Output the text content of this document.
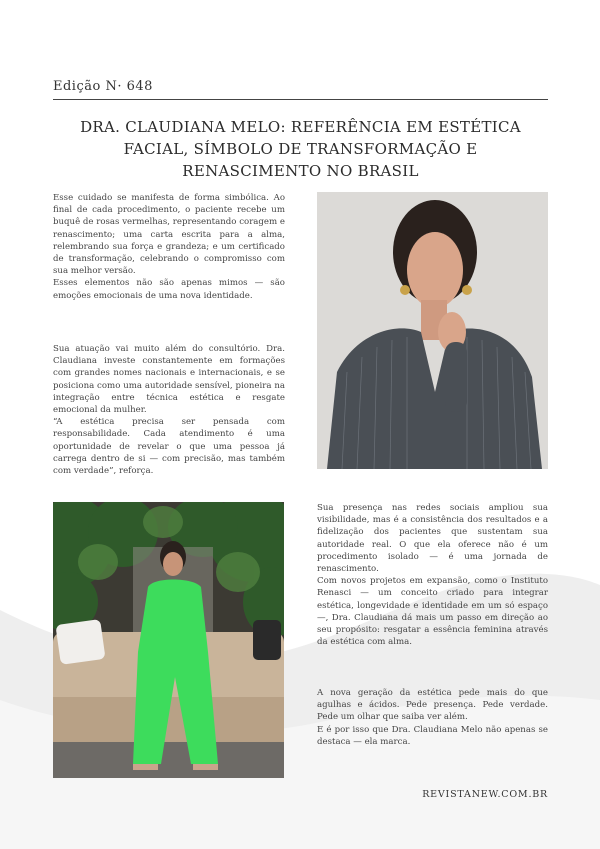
Edição N· 648
DRA. CLAUDIANA MELO: REFERÊNCIA EM ESTÉTICA FACIAL, SÍMBOLO DE TRANSFORMAÇÃO E RENASCIMENTO NO BRASIL

Esse cuidado se manifesta de forma simbólica. Ao final de cada procedimento, o paciente recebe um buquê de rosas vermelhas, representando coragem e renascimento; uma carta escrita para a alma, relembrando sua força e grandeza; e um certificado de transformação, celebrando o compromisso com sua melhor versão.

Esses elementos não são apenas mimos — são emoções emocionais de uma nova identidade.

Sua atuação vai muito além do consultório. Dra. Claudiana investe constantemente em formações com grandes nomes nacionais e internacionais, e se posiciona como uma autoridade sensível, pioneira na integração entre técnica estética e resgate emocional da mulher.

“A estética precisa ser pensada com responsabilidade. Cada atendimento é uma oportunidade de revelar o que uma pessoa já carrega dentro de si — com precisão, mas também com verdade”, reforça.

Sua presença nas redes sociais ampliou sua visibilidade, mas é a consistência dos resultados e a fidelização dos pacientes que sustentam sua autoridade real. O que ela oferece não é um procedimento isolado — é uma jornada de renascimento.

Com novos projetos em expansão, como o Instituto Renasci — um conceito criado para integrar estética, longevidade e identidade em um só espaço —, Dra. Claudiana dá mais um passo em direção ao seu propósito: resgatar a essência feminina através da estética com alma.

A nova geração da estética pede mais do que agulhas e ácidos. Pede presença. Pede verdade. Pede um olhar que saiba ver além.

E é por isso que Dra. Claudiana Melo não apenas se destaca — ela marca.

REVISTANEW.COM.BR
